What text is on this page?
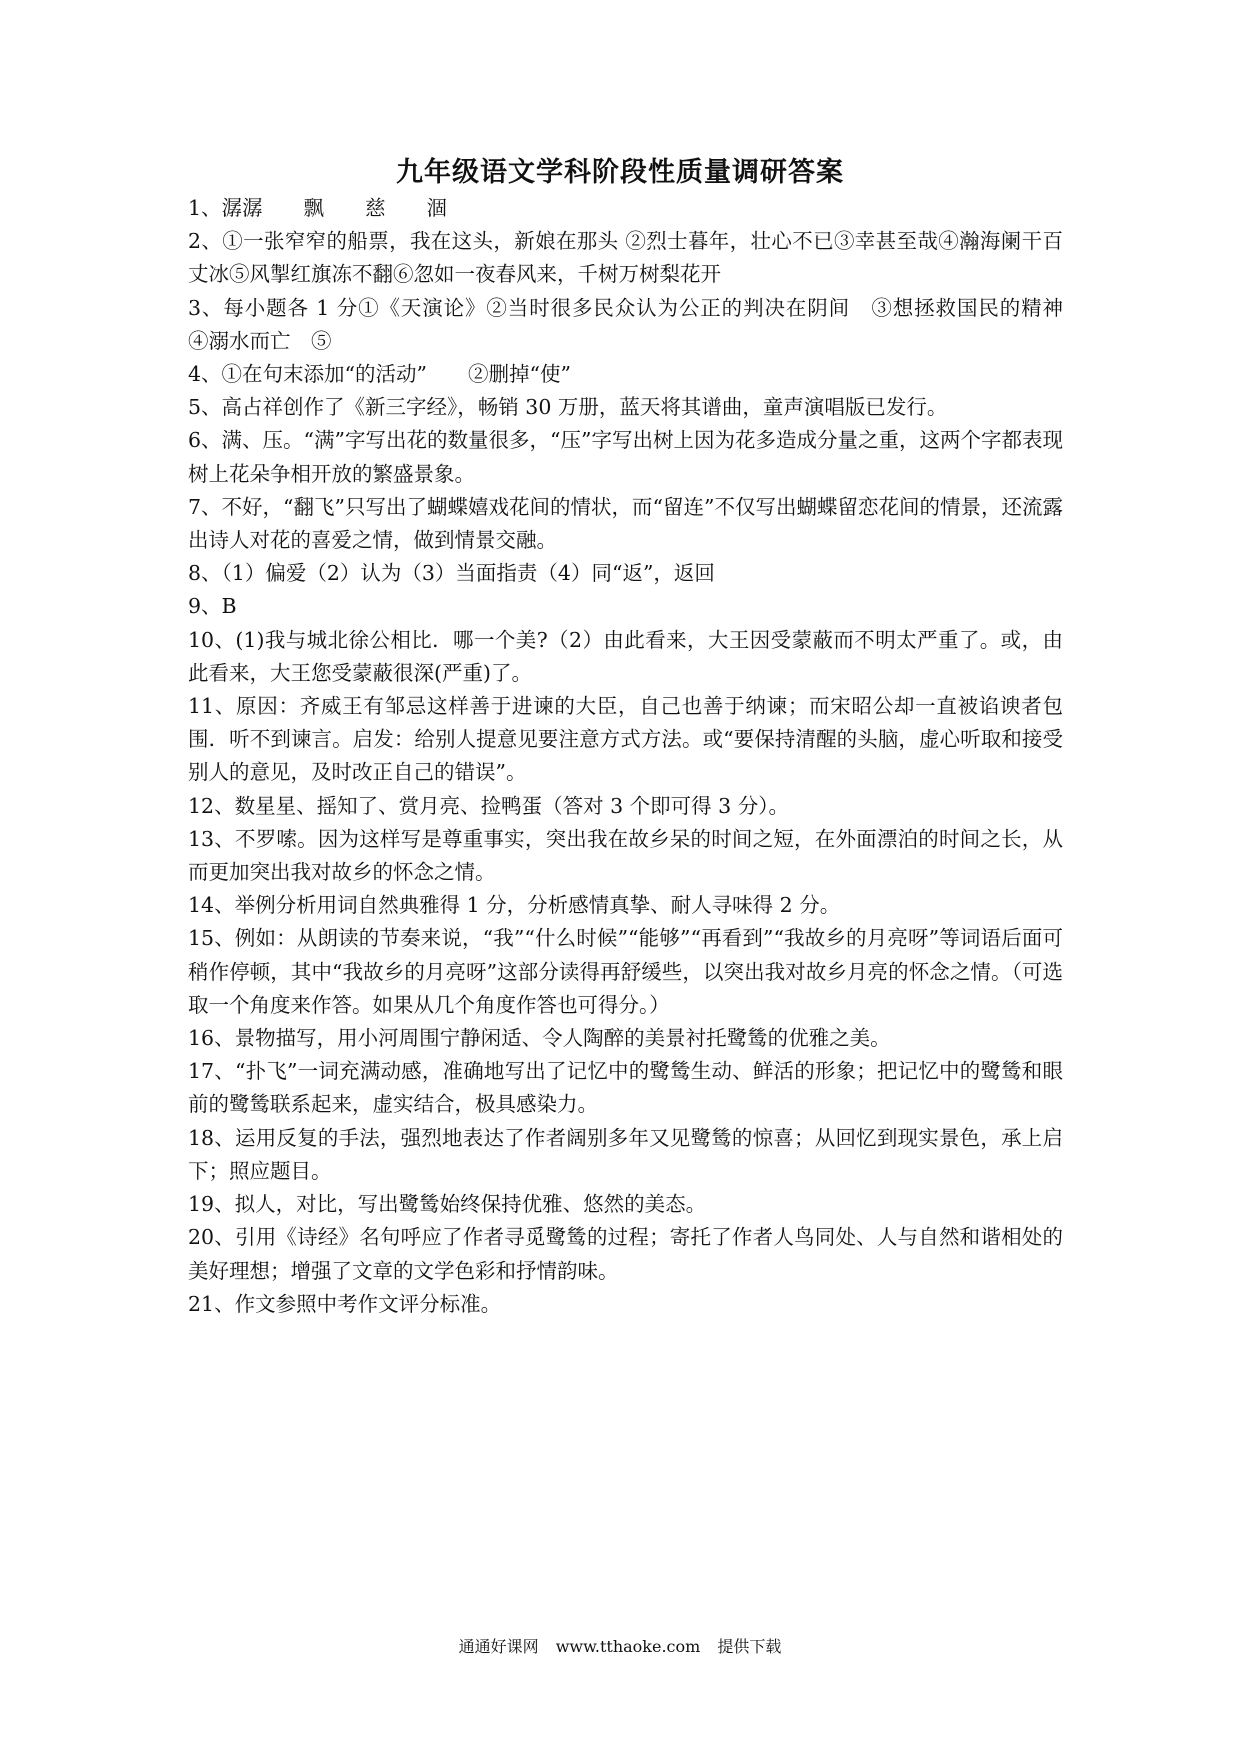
九年级语文学科阶段性质量调研答案
1、潺潺　　飘　　慈　　涸
2、①一张窄窄的船票，我在这头，新娘在那头 ②烈士暮年，壮心不已③幸甚至哉④瀚海阑干百丈冰⑤风掣红旗冻不翻⑥忽如一夜春风来，千树万树梨花开
3、每小题各 1 分①《天演论》②当时很多民众认为公正的判决在阴间　③想拯救国民的精神　④溺水而亡　⑤
4、①在句末添加“的活动”　　②删掉“使”
5、高占祥创作了《新三字经》，畅销 30 万册，蓝天将其谱曲，童声演唱版已发行。
6、满、压。“满”字写出花的数量很多，“压”字写出树上因为花多造成分量之重，这两个字都表现树上花朵争相开放的繁盛景象。
7、不好，“翻飞”只写出了蝴蝶嬉戏花间的情状，而“留连”不仅写出蝴蝶留恋花间的情景，还流露出诗人对花的喜爱之情，做到情景交融。
8、（1）偏爱（2）认为（3）当面指责（4）同“返”，返回
9、B
10、(1)我与城北徐公相比．哪一个美?（2）由此看来，大王因受蒙蔽而不明太严重了。或，由此看来，大王您受蒙蔽很深(严重)了。
11、原因：齐威王有邹忌这样善于进谏的大臣，自己也善于纳谏；而宋昭公却一直被谄谀者包围．听不到谏言。启发：给别人提意见要注意方式方法。或“要保持清醒的头脑，虚心听取和接受别人的意见，及时改正自己的错误”。
12、数星星、摇知了、赏月亮、捡鸭蛋（答对 3 个即可得 3 分）。
13、不罗嗦。因为这样写是尊重事实，突出我在故乡呆的时间之短，在外面漂泊的时间之长，从而更加突出我对故乡的怀念之情。
14、举例分析用词自然典雅得 1 分，分析感情真挚、耐人寻味得 2 分。
15、例如：从朗读的节奏来说，“我”“什么时候”“能够”“再看到”“我故乡的月亮呀”等词语后面可稍作停顿，其中“我故乡的月亮呀”这部分读得再舒缓些，以突出我对故乡月亮的怀念之情。（可选取一个角度来作答。如果从几个角度作答也可得分。）
16、景物描写，用小河周围宁静闲适、令人陶醉的美景衬托鹭鸶的优雅之美。
17、“扑飞”一词充满动感，准确地写出了记忆中的鹭鸶生动、鲜活的形象；把记忆中的鹭鸶和眼前的鹭鸶联系起来，虚实结合，极具感染力。
18、运用反复的手法，强烈地表达了作者阔别多年又见鹭鸶的惊喜；从回忆到现实景色，承上启下；照应题目。
19、拟人，对比，写出鹭鸶始终保持优雅、悠然的美态。
20、引用《诗经》名句呼应了作者寻觅鹭鸶的过程；寄托了作者人鸟同处、人与自然和谐相处的美好理想；增强了文章的文学色彩和抒情韵味。
21、作文参照中考作文评分标准。
通通好课网 www.tthaoke.com 提供下载
